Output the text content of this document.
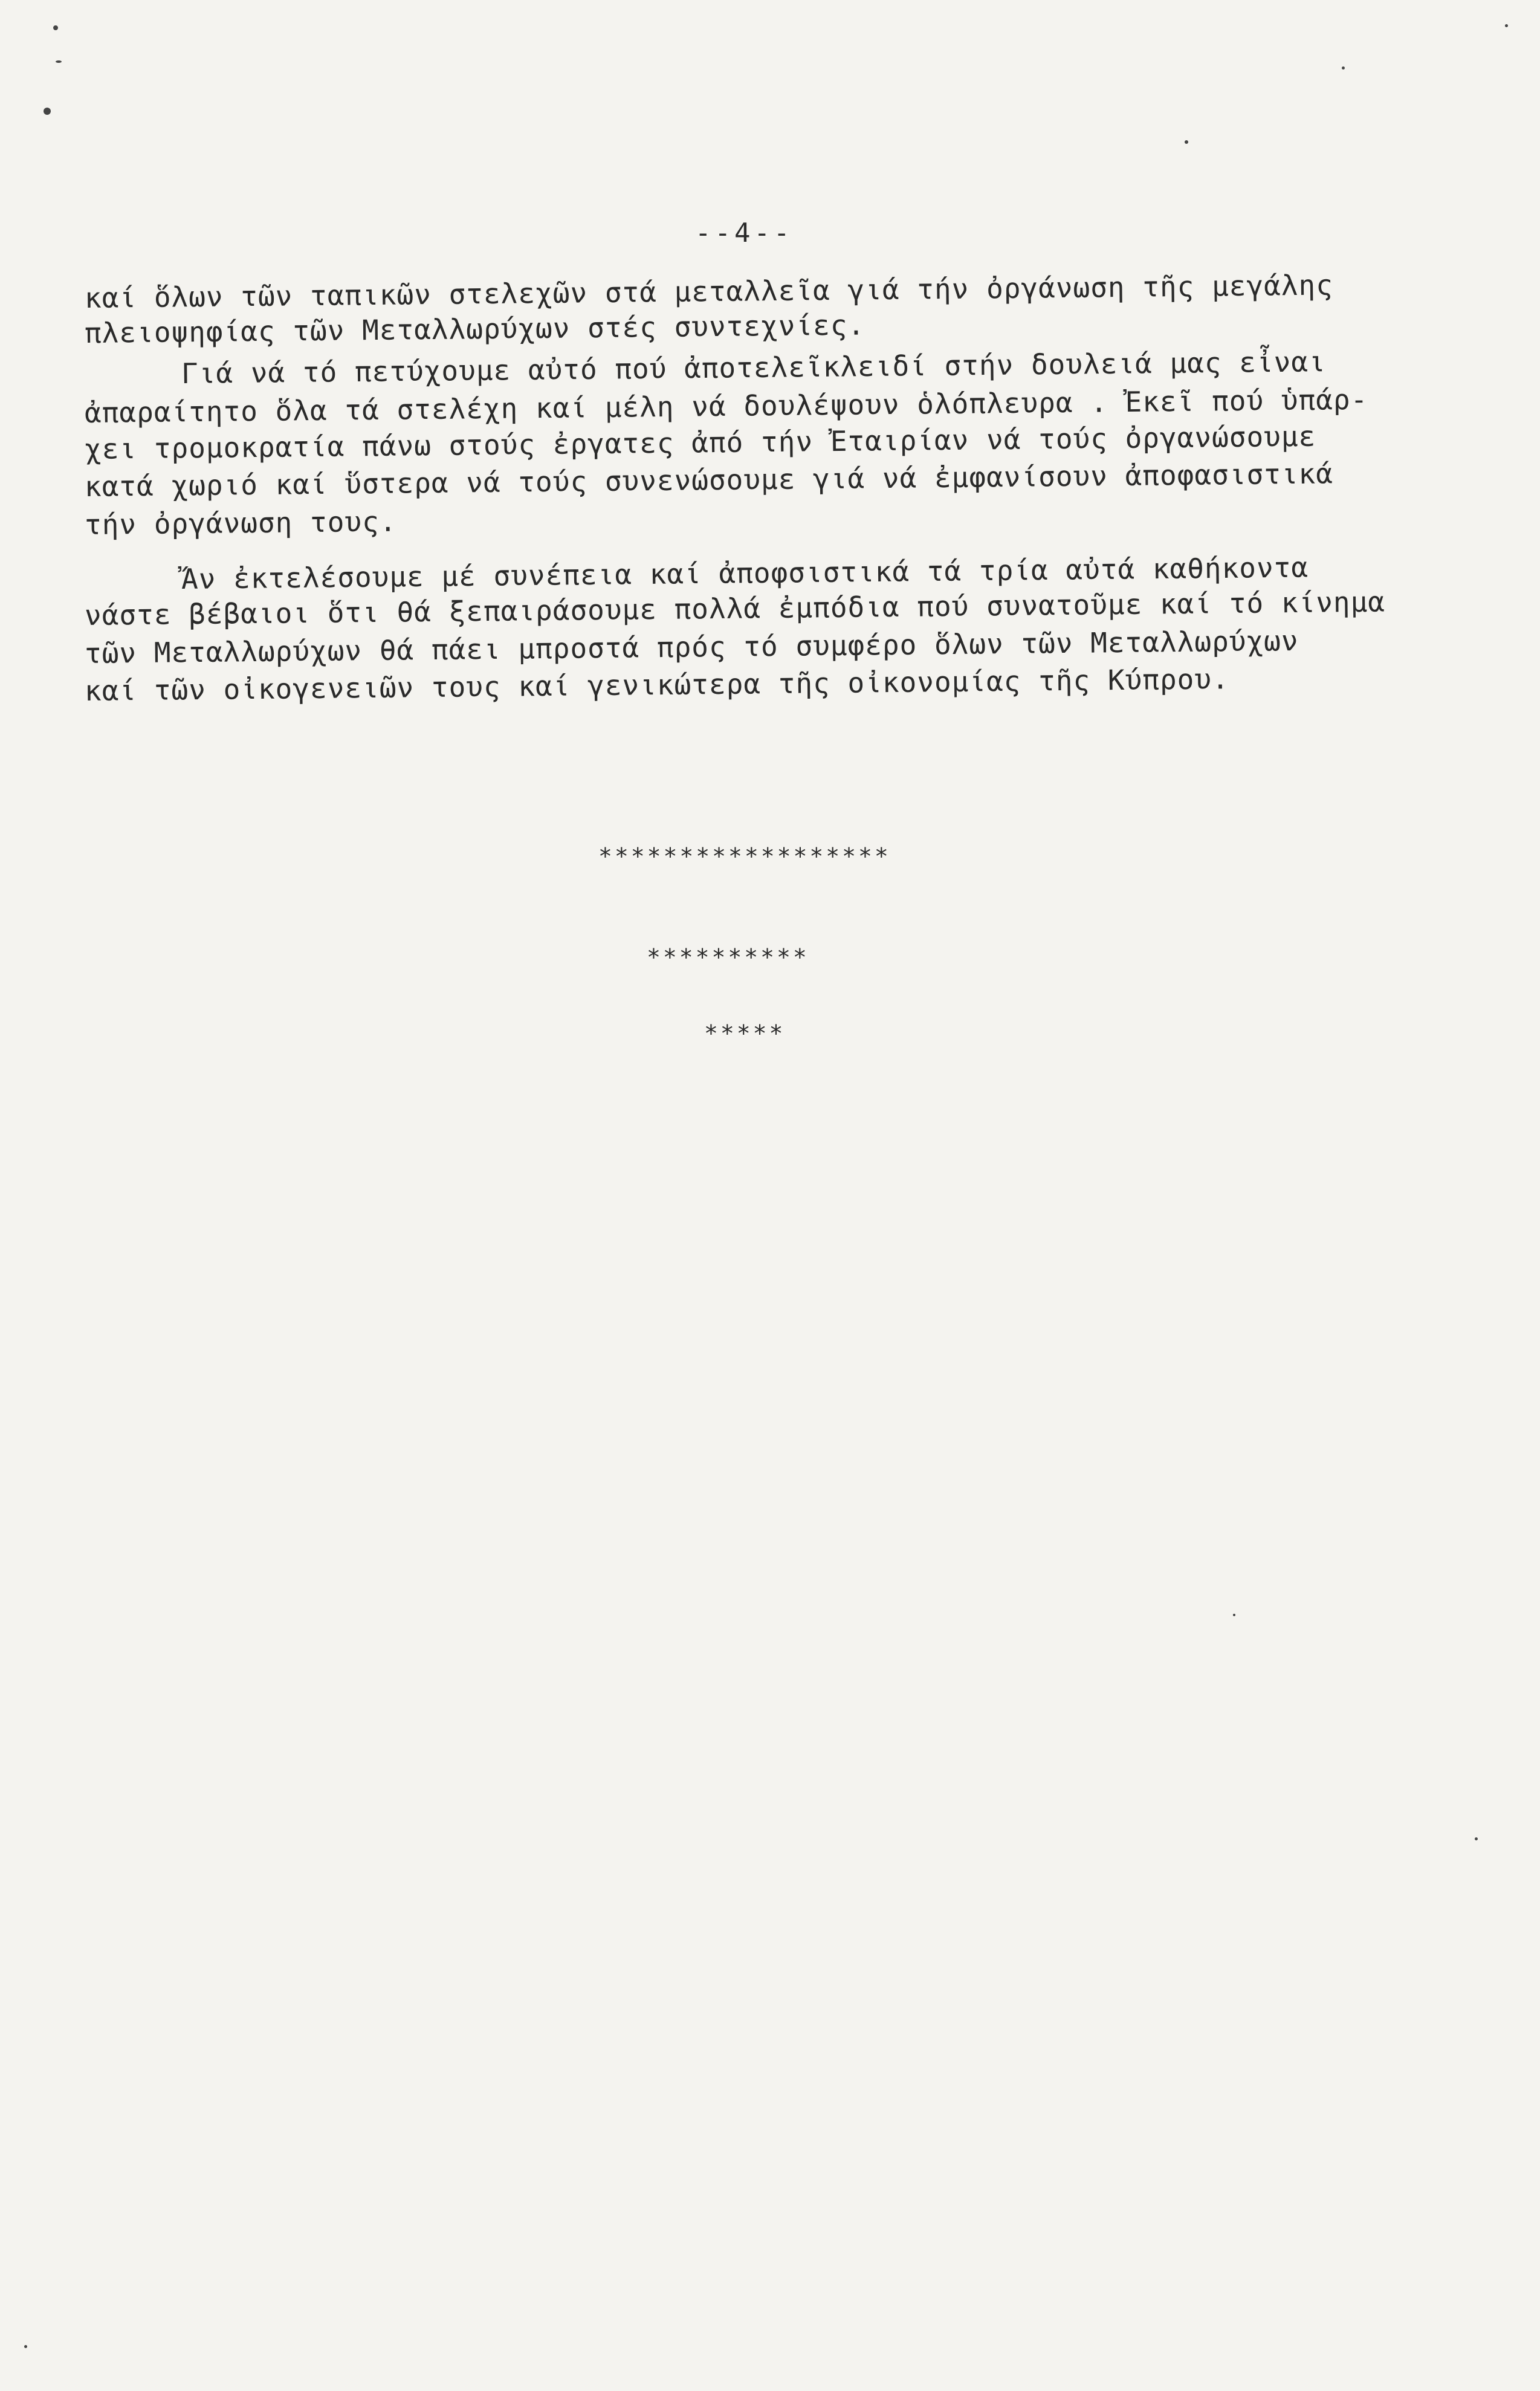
--4--
καί ὅλων τῶν ταπικῶν στελεχῶν στά μεταλλεῖα γιά τήν ὀργάνωση τῆς μεγάλης
πλειοψηφίας τῶν Μεταλλωρύχων στές συντεχνίες.
Γιά νά τό πετύχουμε αὐτό πού ἀποτελεῖκλειδί στήν δουλειά μας εἶναι
ἀπαραίτητο ὅλα τά στελέχη καί μέλη νά δουλέψουν ὁλόπλευρα . Ἐκεῖ πού ὑπάρ-
χει τρομοκρατία πάνω στούς ἐργατες ἀπό τήν Ἐταιρίαν νά τούς ὀργανώσουμε
κατά χωριό καί ὕστερα νά τούς συνενώσουμε γιά νά ἐμφανίσουν ἀποφασιστικά
τήν ὀργάνωση τους.
Ἄν ἐκτελέσουμε μέ συνέπεια καί ἀποφσιστικά τά τρία αὐτά καθήκοντα
νάστε βέβαιοι ὅτι θά ξεπαιράσουμε πολλά ἐμπόδια πού συνατοῦμε καί τό κίνημα
τῶν Μεταλλωρύχων θά πάει μπροστά πρός τό συμφέρο ὅλων τῶν Μεταλλωρύχων
καί τῶν οἰκογενειῶν τους καί γενικώτερα τῆς οἰκονομίας τῆς Κύπρου.
******************
**********
*****
